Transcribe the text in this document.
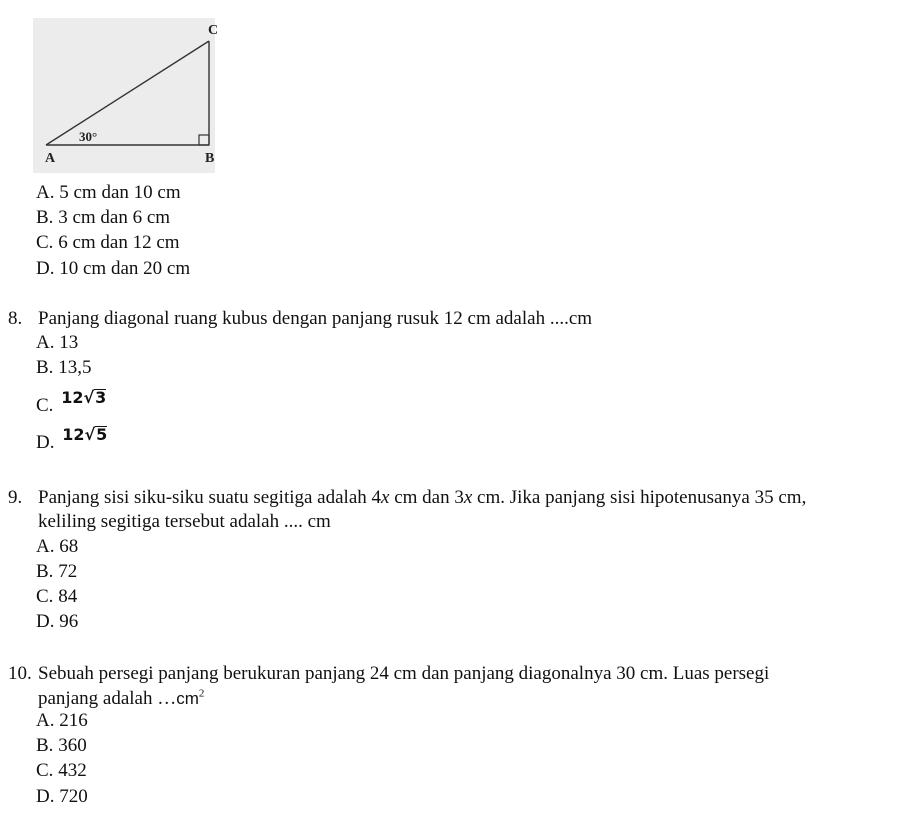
C
A	B
30°
A. 5 cm dan 10 cm
B. 3 cm dan 6 cm
C. 6 cm dan 12 cm
D. 10 cm dan 20 cm
8. Panjang diagonal ruang kubus dengan panjang rusuk 12 cm adalah ....cm
A. 13
B. 13,5
C. $^{12√3}$
D. $^{12√5}$
9. Panjang sisi siku-siku suatu segitiga adalah 4x cm dan 3x cm. Jika panjang sisi hipotenusanya 35 cm,
keliling segitiga tersebut adalah .... cm
A. 68
B. 72
C. 84
D. 96
10. Sebuah persegi panjang berukuran panjang 24 cm dan panjang diagonalnya 30 cm. Luas persegi
panjang adalah $\dots cm^2$
A. 216
B. 360
C. 432
D. 720
